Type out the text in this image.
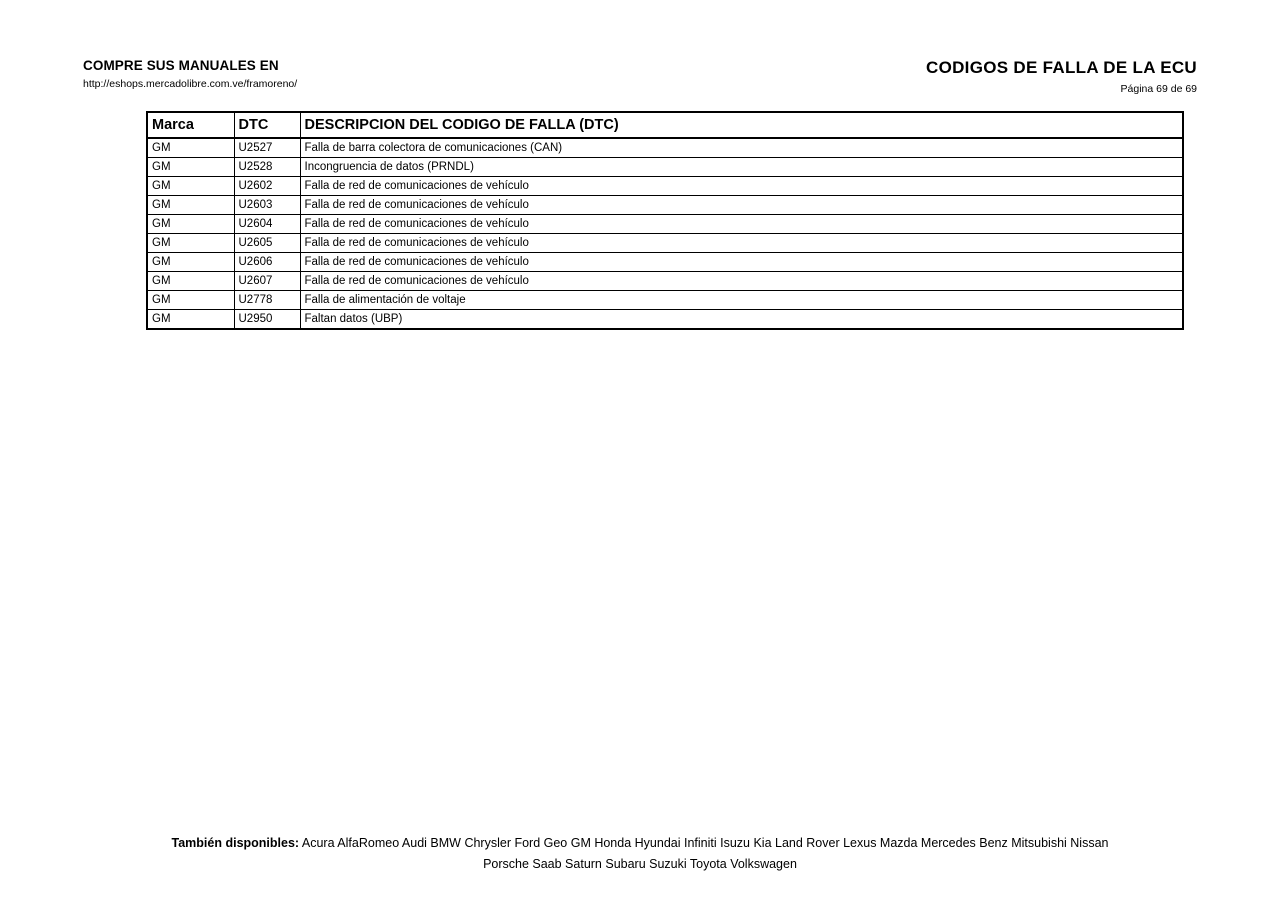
COMPRE SUS MANUALES EN
http://eshops.mercadolibre.com.ve/framoreno/
CODIGOS DE FALLA DE LA ECU
Página 69 de 69
Marca	DTC	DESCRIPCION DEL CODIGO DE FALLA (DTC)
GM	U2527	Falla de barra colectora de comunicaciones (CAN)
GM	U2528	Incongruencia de datos (PRNDL)
GM	U2602	Falla de red de comunicaciones de vehículo
GM	U2603	Falla de red de comunicaciones de vehículo
GM	U2604	Falla de red de comunicaciones de vehículo
GM	U2605	Falla de red de comunicaciones de vehículo
GM	U2606	Falla de red de comunicaciones de vehículo
GM	U2607	Falla de red de comunicaciones de vehículo
GM	U2778	Falla de alimentación de voltaje
GM	U2950	Faltan datos (UBP)
También disponibles: Acura AlfaRomeo Audi BMW Chrysler Ford Geo GM Honda Hyundai Infiniti Isuzu Kia Land Rover Lexus Mazda Mercedes Benz Mitsubishi Nissan
Porsche Saab Saturn Subaru Suzuki Toyota Volkswagen
